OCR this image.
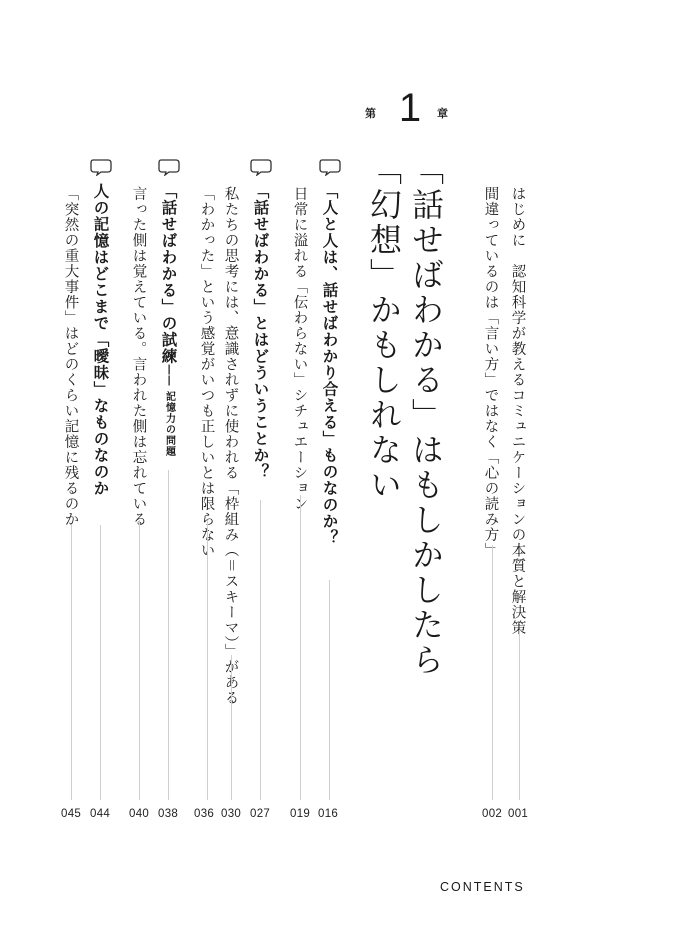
はじめに　認知科学が教えるコミュニケーションの本質と解決策
001
間違っているのは「言い方」ではなく「心の読み方」
002
第 1	章
「話せばわかる」はもしかしたら
「幻想」かもしれない
「人と人は、話せばわかり合える」ものなのか？
016
日常に溢れる「伝わらない」シチュエーション
019
「話せばわかる」とはどういうことか？
027
私たちの思考には、意識されずに使われる「枠組み（＝スキーマ）」がある
030
「わかった」という感覚がいつも正しいとは限らない
036
「話せばわかる」の試練―― 記憶力の問題
038
言った側は覚えている。言われた側は忘れている
040
人の記憶はどこまで「曖昧」なものなのか
044
「突然の重大事件」はどのくらい記憶に残るのか
045
CONTENTS
